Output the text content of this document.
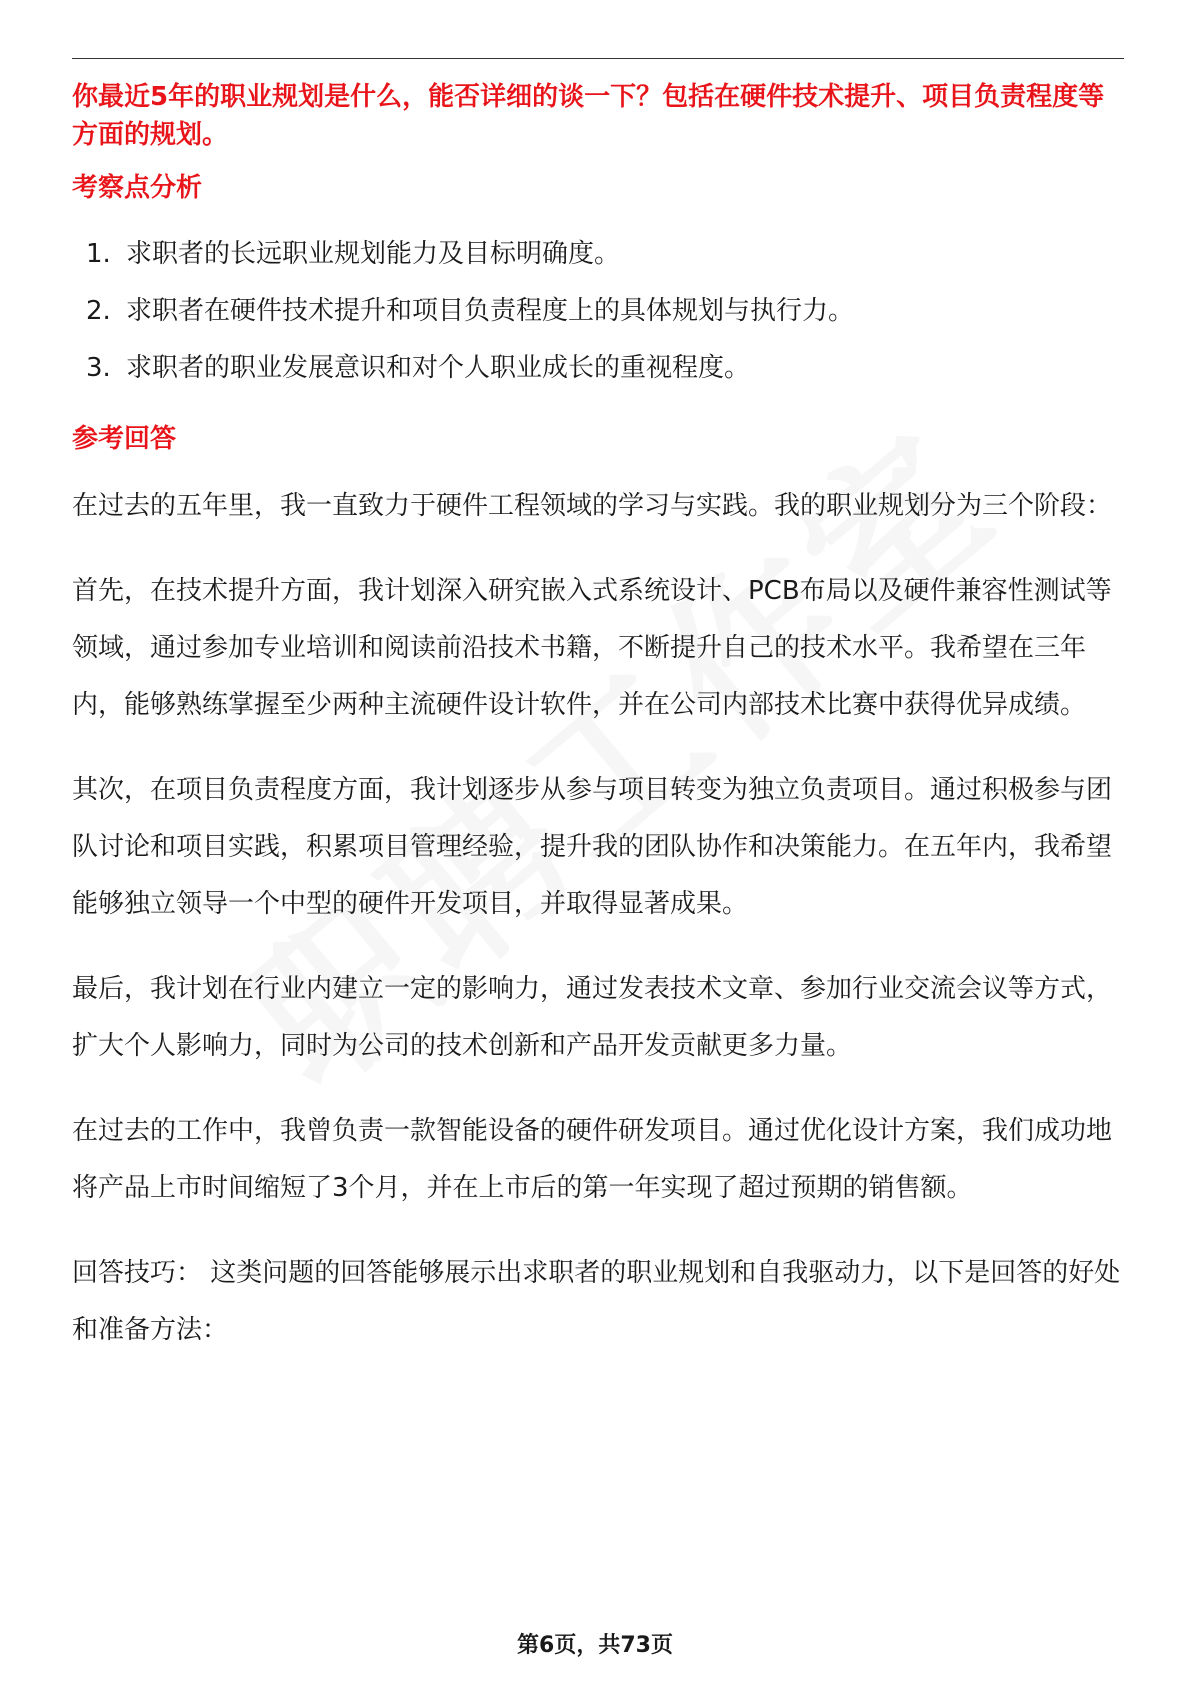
你最近5年的职业规划是什么，能否详细的谈一下？包括在硬件技术提升、项目负责程度等方面的规划。

考察点分析
1. 求职者的长远职业规划能力及目标明确度。
2. 求职者在硬件技术提升和项目负责程度上的具体规划与执行力。
3. 求职者的职业发展意识和对个人职业成长的重视程度。
参考回答

在过去的五年里，我一直致力于硬件工程领域的学习与实践。我的职业规划分为三个阶段：

首先，在技术提升方面，我计划深入研究嵌入式系统设计、PCB布局以及硬件兼容性测试等领域，通过参加专业培训和阅读前沿技术书籍，不断提升自己的技术水平。我希望在三年内，能够熟练掌握至少两种主流硬件设计软件，并在公司内部技术比赛中获得优异成绩。

其次，在项目负责程度方面，我计划逐步从参与项目转变为独立负责项目。通过积极参与团队讨论和项目实践，积累项目管理经验，提升我的团队协作和决策能力。在五年内，我希望能够独立领导一个中型的硬件开发项目，并取得显著成果。

最后，我计划在行业内建立一定的影响力，通过发表技术文章、参加行业交流会议等方式，扩大个人影响力，同时为公司的技术创新和产品开发贡献更多力量。

在过去的工作中，我曾负责一款智能设备的硬件研发项目。通过优化设计方案，我们成功地将产品上市时间缩短了3个月，并在上市后的第一年实现了超过预期的销售额。

回答技巧： 这类问题的回答能够展示出求职者的职业规划和自我驱动力，以下是回答的好处和准备方法：

第6页，共73页
